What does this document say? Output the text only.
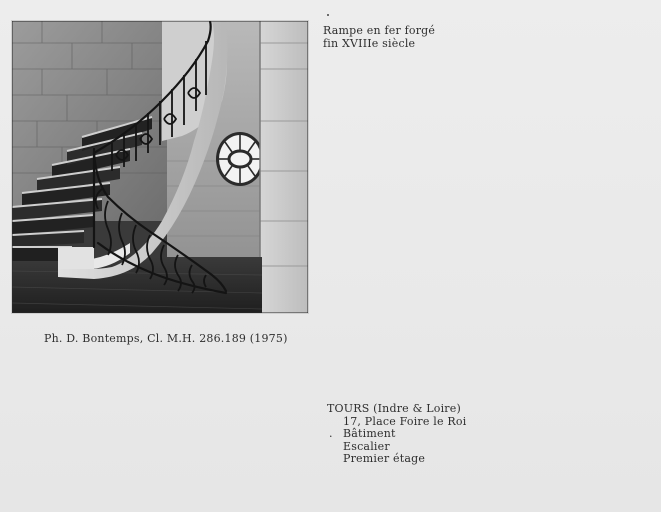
Rampe en fer forgé
fin XVIIIe siècle
Ph. D. Bontemps, Cl. M.H. 286.189 (1975)
TOURS (Indre & Loire)
17, Place Foire le Roi
. Bâtiment
Escalier
Premier étage
